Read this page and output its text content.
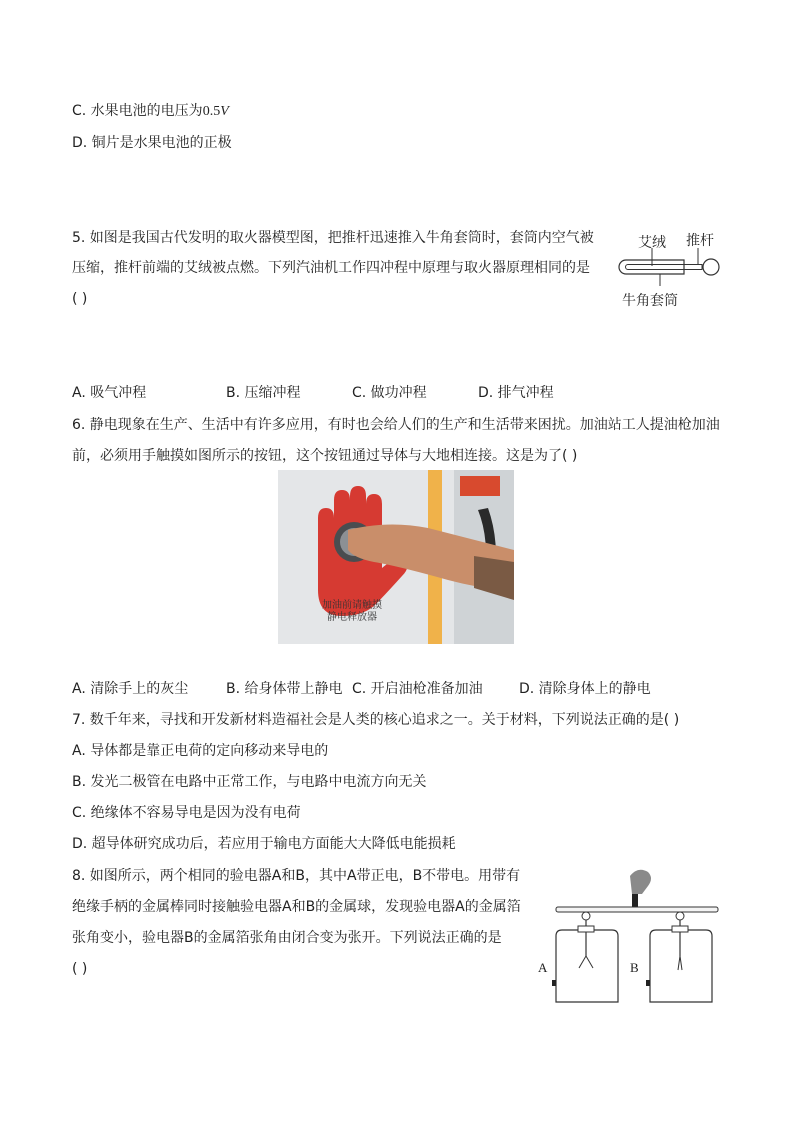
C. 水果电池的电压为0.5V
D. 铜片是水果电池的正极
5. 如图是我国古代发明的取火器模型图，把推杆迅速推入牛角套筒时，套筒内空气被
压缩，推杆前端的艾绒被点燃。下列汽油机工作四冲程中原理与取火器原理相同的是
( )
艾绒 推杆
牛角套筒
A. 吸气冲程	B. 压缩冲程	C. 做功冲程	D. 排气冲程
6. 静电现象在生产、生活中有许多应用，有时也会给人们的生产和生活带来困扰。加油站工人提油枪加油
前，必须用手触摸如图所示的按钮，这个按钮通过导体与大地相连接。这是为了( )
加油前请触摸
静电释放器
A. 清除手上的灰尘	B. 给身体带上静电 C. 开启油枪准备加油	D. 清除身体上的静电
7. 数千年来，寻找和开发新材料造福社会是人类的核心追求之一。关于材料，下列说法正确的是( )
A. 导体都是靠正电荷的定向移动来导电的
B. 发光二极管在电路中正常工作，与电路中电流方向无关
C. 绝缘体不容易导电是因为没有电荷
D. 超导体研究成功后，若应用于输电方面能大大降低电能损耗
8. 如图所示，两个相同的验电器A和B，其中A带正电，B不带电。用带有
绝缘手柄的金属棒同时接触验电器A和B的金属球，发现验电器A的金属箔
张角变小，验电器B的金属箔张角由闭合变为张开。下列说法正确的是
( )	A	B
